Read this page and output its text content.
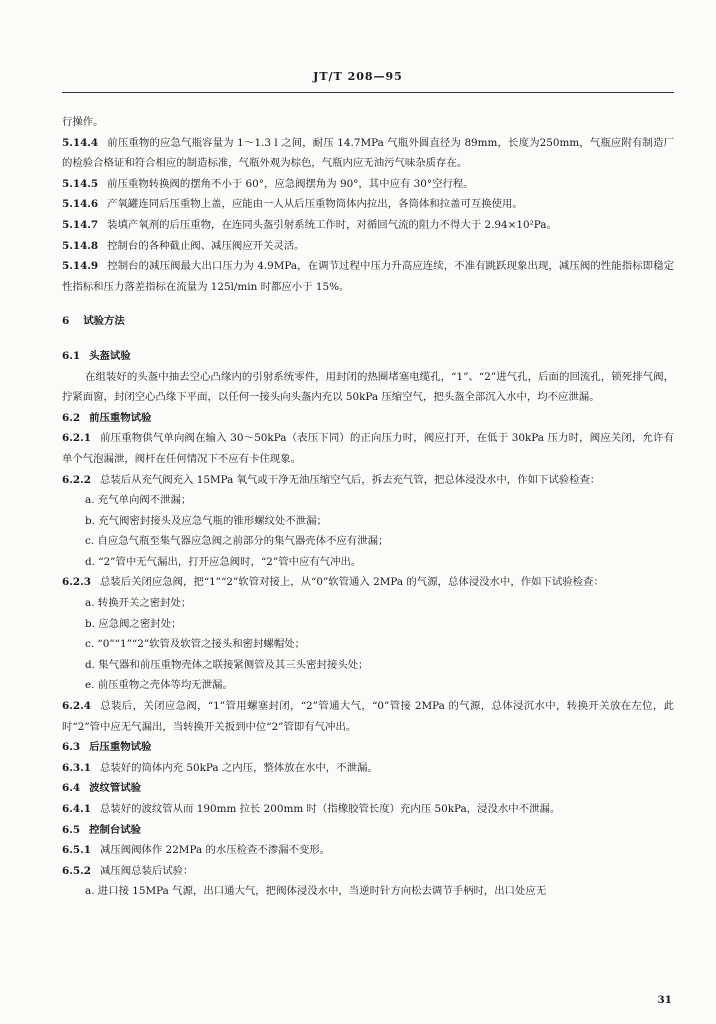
JT/T 208—95

行操作。

5.14.4 前压重物的应急气瓶容量为 1～1.3 l 之间，耐压 14.7MPa 气瓶外圆直径为 89mm，长度为250mm，气瓶应附有制造厂的检验合格证和符合相应的制造标准，气瓶外观为棕色，气瓶内应无油污气味杂质存在。

5.14.5 前压重物转换阀的摆角不小于 60°，应急阀摆角为 90°，其中应有 30°空行程。

5.14.6 产氧罐连同后压重物上盖，应能由一人从后压重物筒体内拉出，各筒体和拉盖可互换使用。

5.14.7 装填产氧剂的后压重物，在连同头盔引射系统工作时，对循回气流的阻力不得大于 2.94×10²Pa。

5.14.8 控制台的各种截止阀、减压阀应开关灵活。

5.14.9 控制台的减压阀最大出口压力为 4.9MPa，在调节过程中压力升高应连续，不准有跳跃现象出现，减压阀的性能指标即稳定性指标和压力落差指标在流量为 125l/min 时都应小于 15%。

6 试验方法

6.1 头盔试验

在组装好的头盔中抽去空心凸缘内的引射系统零件，用封闭的热圈堵塞电缆孔，“1”、“2”进气孔，后面的回流孔，锁死排气阀，拧紧面窗，封闭空心凸缘下平面，以任何一接头向头盔内充以 50kPa 压缩空气，把头盔全部沉入水中，均不应泄漏。

6.2 前压重物试验

6.2.1 前压重物供气单向阀在输入 30～50kPa（表压下同）的正向压力时，阀应打开，在低于 30kPa 压力时，阀应关闭，允许有单个气泡漏泄，阀杆在任何情况下不应有卡住现象。

6.2.2 总装后从充气阀充入 15MPa 氧气或干净无油压缩空气后，拆去充气管，把总体浸没水中，作如下试验检查：

a. 充气单向阀不泄漏；

b. 充气阀密封接头及应急气瓶的锥形螺纹处不泄漏；

c. 自应急气瓶至集气器应急阀之前部分的集气器壳体不应有泄漏；

d. “2”管中无气漏出，打开应急阀时，“2”管中应有气冲出。

6.2.3 总装后关闭应急阀，把“1”“2”软管对接上，从“0”软管通入 2MPa 的气源，总体浸没水中，作如下试验检查：

a. 转换开关之密封处；

b. 应急阀之密封处；

c. “0”“1”“2”软管及软管之接头和密封螺帽处；

d. 集气器和前压重物壳体之联接紧侧管及其三头密封接头处；

e. 前压重物之壳体等均无泄漏。

6.2.4 总装后，关闭应急阀，“1”管用螺塞封闭，“2”管通大气，“0”管接 2MPa 的气源，总体浸沉水中，转换开关放在左位，此时“2”管中应无气漏出，当转换开关扳到中位“2”管即有气冲出。

6.3 后压重物试验

6.3.1 总装好的筒体内充 50kPa 之内压，整体放在水中，不泄漏。

6.4 波纹管试验

6.4.1 总装好的波纹管从而 190mm 拉长 200mm 时（指橡胶管长度）充内压 50kPa，浸没水中不泄漏。

6.5 控制台试验

6.5.1 减压阀阀体作 22MPa 的水压检查不渗漏不变形。

6.5.2 减压阀总装后试验：

a. 进口接 15MPa 气源，出口通大气，把阀体浸没水中，当逆时针方向松去调节手柄时，出口处应无

31
